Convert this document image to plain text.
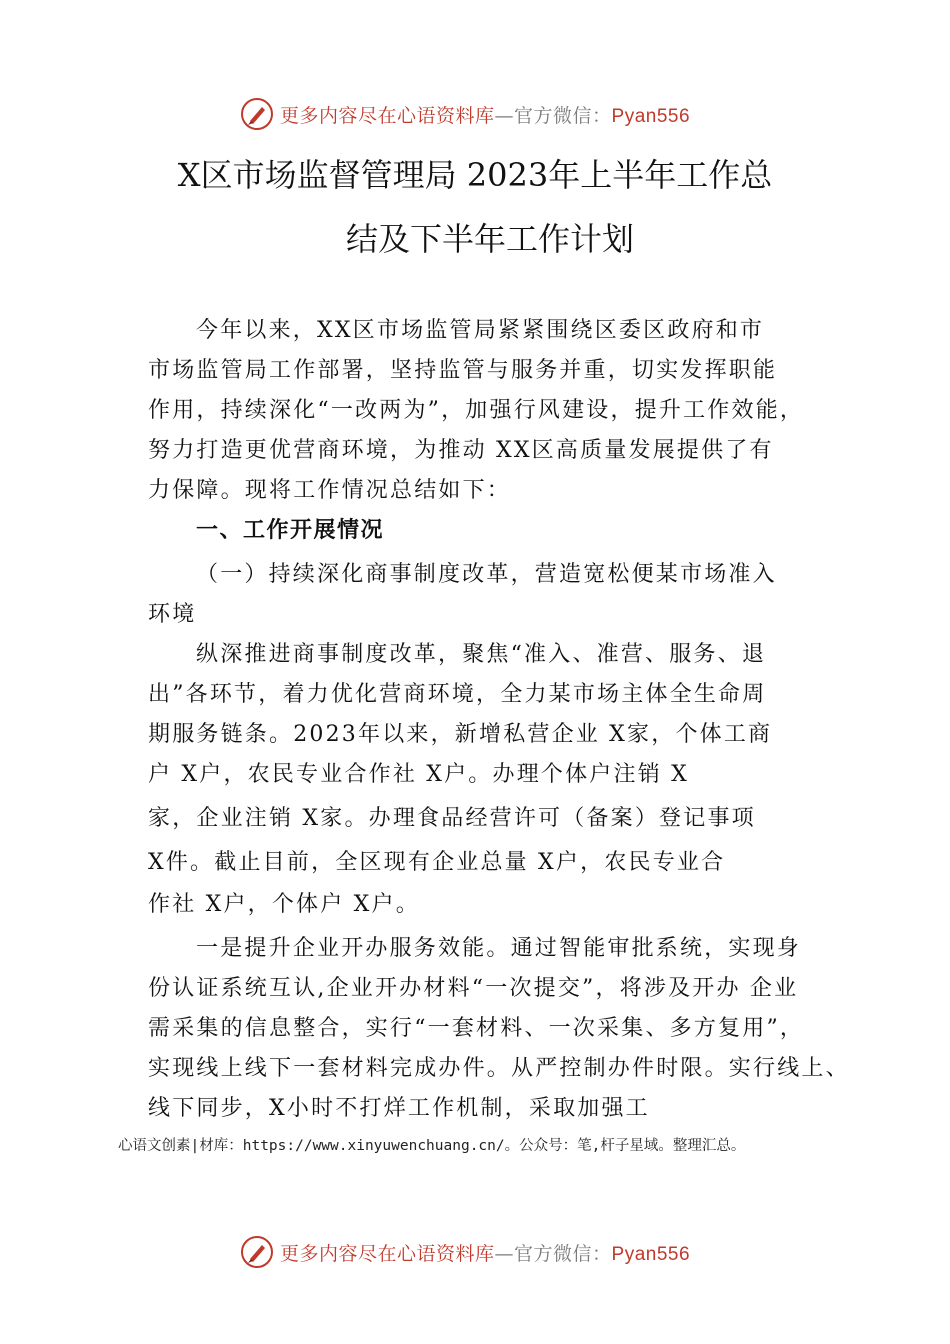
更多内容尽在心语资料库—官方微信：Pyan556
X区市场监督管理局 2023年上半年工作总
结及下半年工作计划
今年以来，XX区市场监管局紧紧围绕区委区政府和市
市场监管局工作部署，坚持监管与服务并重，切实发挥职能
作用，持续深化“一改两为”，加强行风建设，提升工作效能，
努力打造更优营商环境，为推动 XX区高质量发展提供了有
力保障。现将工作情况总结如下：
一、工作开展情况
（一）持续深化商事制度改革，营造宽松便某市场准入
环境
纵深推进商事制度改革，聚焦“准入、准营、服务、退
出”各环节，着力优化营商环境，全力某市场主体全生命周
期服务链条。2023年以来，新增私营企业 X家，个体工商
户 X户，农民专业合作社 X户。办理个体户注销 X
家，企业注销 X家。办理食品经营许可（备案）登记事项
X件。截止目前，全区现有企业总量 X户，农民专业合
作社 X户，个体户 X户。
一是提升企业开办服务效能。通过智能审批系统，实现身
份认证系统互认,企业开办材料“一次提交”，将涉及开办 企业
需采集的信息整合，实行“一套材料、一次采集、多方复用”，
实现线上线下一套材料完成办件。从严控制办件时限。实行线上、
线下同步，X小时不打烊工作机制，采取加强工
心语文创素|材库：https://www.xinyuwenchuang.cn/。公众号：笔,杆子星域。整理汇总。
更多内容尽在心语资料库—官方微信：Pyan556
